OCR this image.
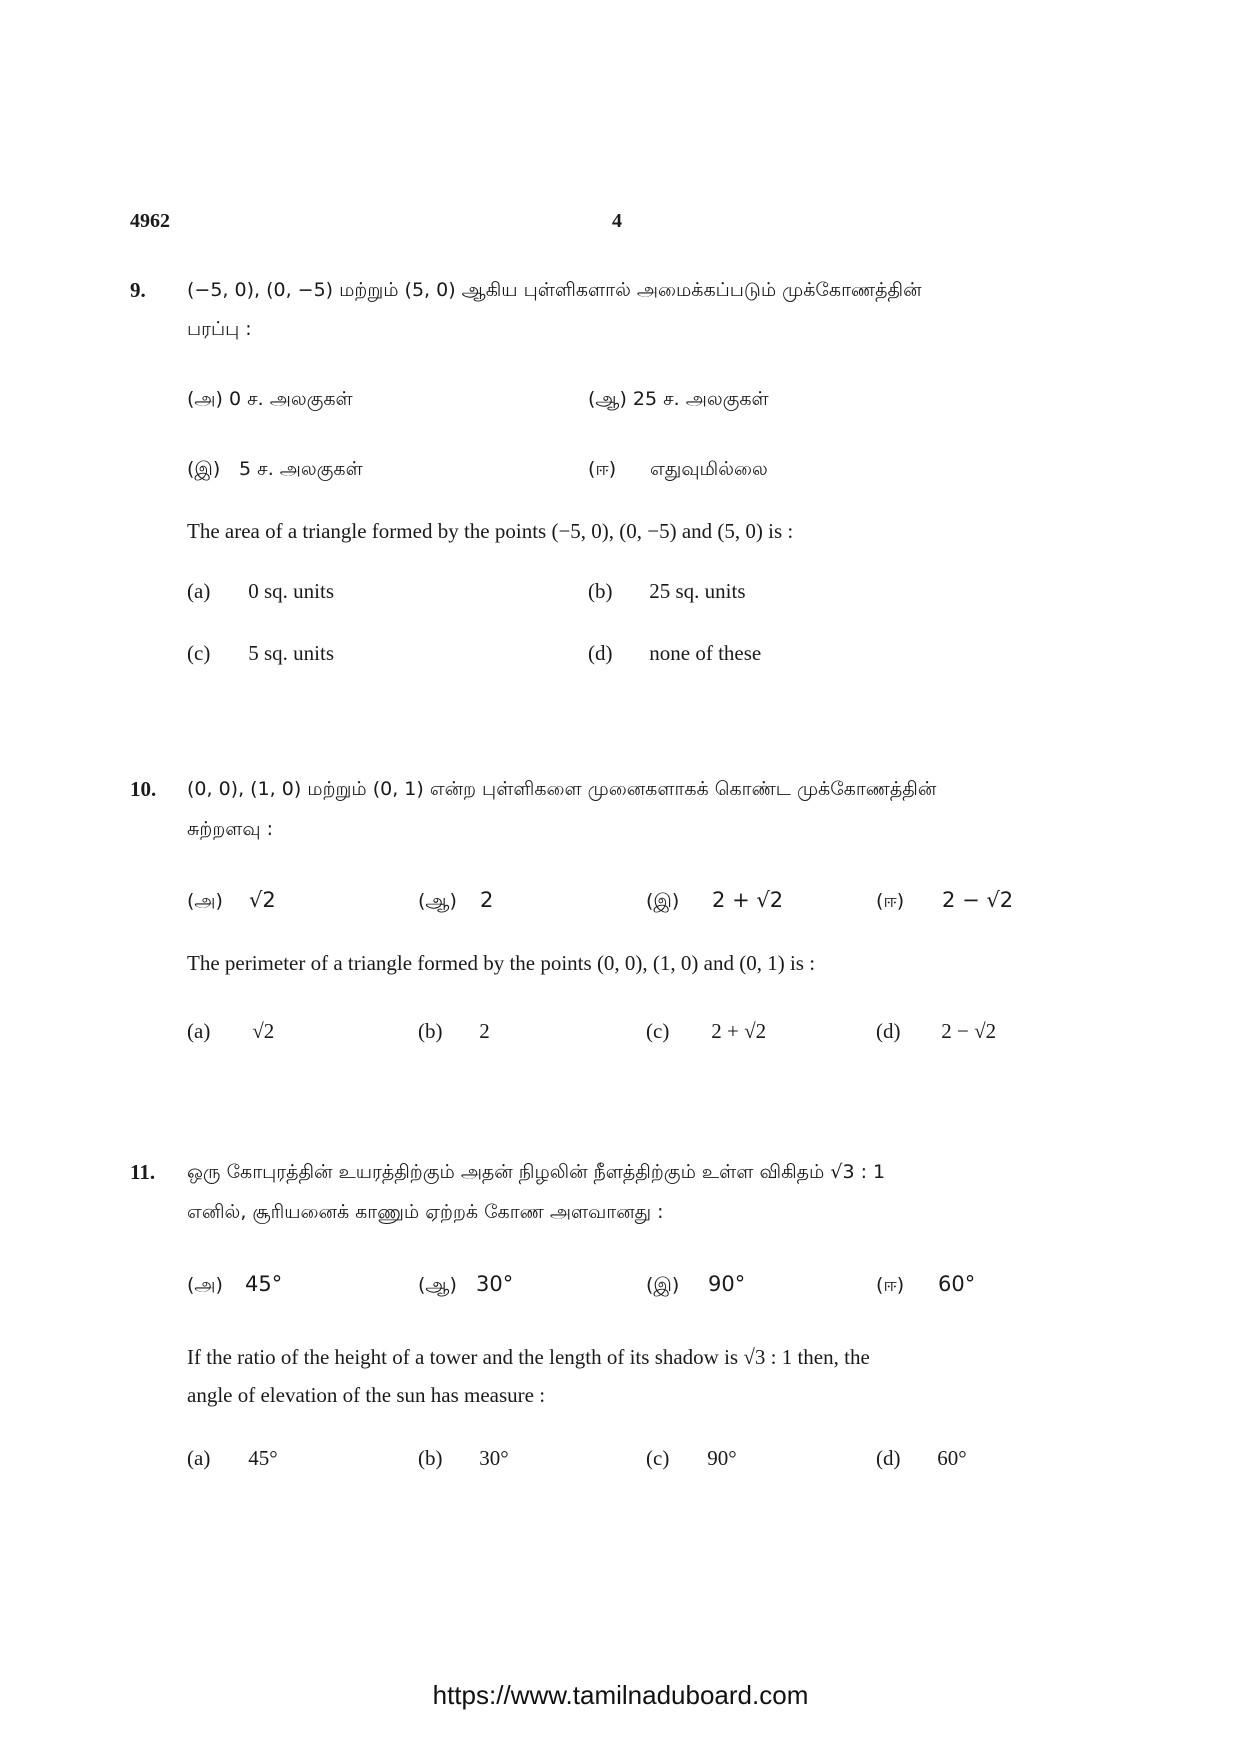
4962	4
9. (−5, 0), (0, −5) மற்றும் (5, 0) ஆகிய புள்ளிகளால் அமைக்கப்படும் முக்கோணத்தின்
பரப்பு :
(அ) 0 ச. அலகுகள்	(ஆ) 25 ச. அலகுகள்
(இ) 5 ச. அலகுகள்	(ஈ) எதுவுமில்லை
The area of a triangle formed by the points (−5, 0), (0, −5) and (5, 0) is :
(a) 0 sq. units	(b) 25 sq. units
(c) 5 sq. units	(d) none of these
10. (0, 0), (1, 0) மற்றும் (0, 1) என்ற புள்ளிகளை முனைகளாகக் கொண்ட முக்கோணத்தின்
சுற்றளவு :
(அ) √2	(ஆ) 2	(இ) 2 + √2	(ஈ) 2 − √2
The perimeter of a triangle formed by the points (0, 0), (1, 0) and (0, 1) is :
(a) √2	(b) 2	(c) 2 + √2	(d) 2 − √2
11. ஒரு கோபுரத்தின் உயரத்திற்கும் அதன் நிழலின் நீளத்திற்கும் உள்ள விகிதம் √3 : 1
எனில், சூரியனைக் காணும் ஏற்றக் கோண அளவானது :
(அ) 45°	(ஆ) 30°	(இ) 90°	(ஈ) 60°
If the ratio of the height of a tower and the length of its shadow is √3 : 1 then, the
angle of elevation of the sun has measure :
(a) 45°	(b) 30°	(c) 90°	(d) 60°
https://www.tamilnaduboard.com
